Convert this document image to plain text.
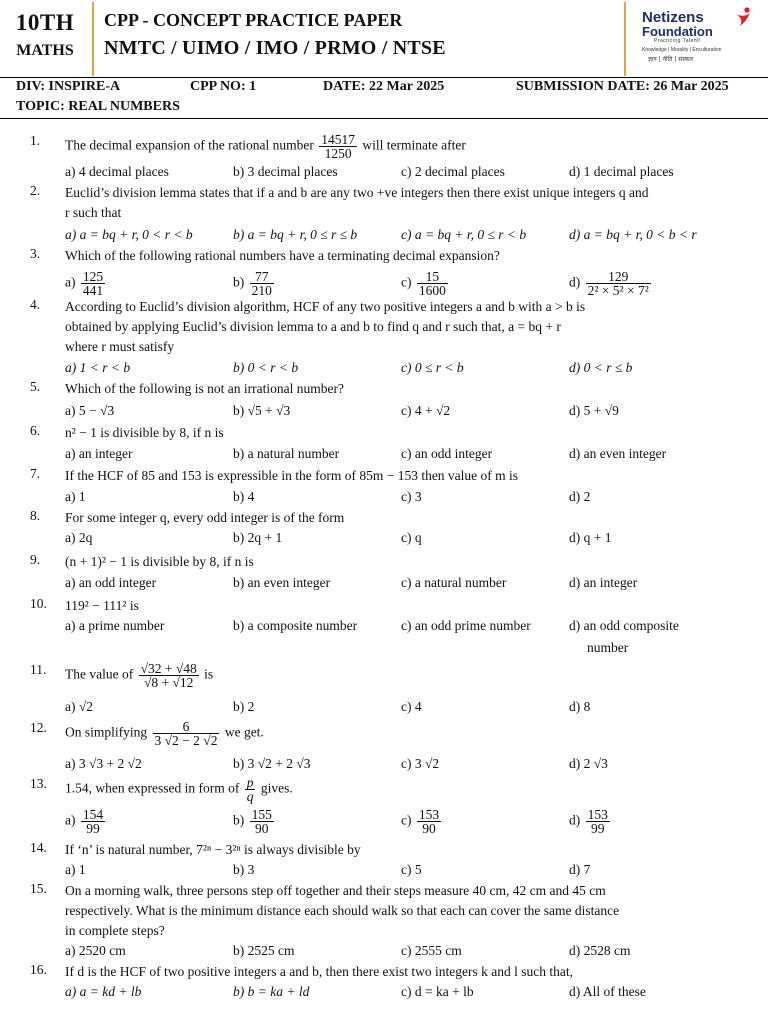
10TH
MATHS
CPP - CONCEPT PRACTICE PAPER
NMTC / UIMO / IMO / PRMO / NTSE
Netizens
Foundation
Practicing Talent!
Knowledge | Morality | Enculturation
ज्ञान | नीति | संस्कार
DIV: INSPIRE-A	CPP NO: 1	DATE: 22 Mar 2025	SUBMISSION DATE: 26 Mar 2025
TOPIC: REAL NUMBERS
1.	The decimal expansion of the rational number $\frac{14517}{1250}$ will terminate after
a) 4 decimal places	b) 3 decimal places	c) 2 decimal places	d) 1 decimal places
2.	Euclid’s division lemma states that if a and b are any two +ve integers then there exist unique integers q and
r such that
a) a = bq + r, 0 < r < b	b) a = bq + r, 0 ≤ r ≤ b	c) a = bq + r, 0 ≤ r < b	d) a = bq + r, 0 < b < r
3.	Which of the following rational numbers have a terminating decimal expansion?
$a) \frac{125}{441}$	$b) \frac{77}{210}$	$c) \frac{15}{1600}$	$d) \frac{129}{\text{2² × 5² × 7²}}$
4.	According to Euclid’s division algorithm, HCF of any two positive integers a and b with a > b is
obtained by applying Euclid’s division lemma to a and b to find q and r such that, a = bq + r
where r must satisfy
a) 1 < r < b	b) 0 < r < b	c) 0 ≤ r < b	d) 0 < r ≤ b
5.	Which of the following is not an irrational number?
a) 5 − √3	b) √5 + √3	c) 4 + √2	d) 5 + √9
6.	n² − 1 is divisible by 8, if n is
a) an integer	b) a natural number	c) an odd integer	d) an even integer
7.	If the HCF of 85 and 153 is expressible in the form of 85m − 153 then value of m is
a) 1	b) 4	c) 3	d) 2
8.	For some integer q, every odd integer is of the form
a) 2q	b) 2q + 1	c) q	d) q + 1
9.	(n + 1)² − 1 is divisible by 8, if n is
a) an odd integer	b) an even integer	c) a natural number	d) an integer
10.	119² − 111² is
a) a prime number	b) a composite number	c) an odd prime number	d) an odd composite
number
11.	The value of $\frac{√32 + √48}{√8 + √12}$ is
a) √2	b) 2	c) 4	d) 8
12.	On simplifying $\frac{6}{3 √2 - 2 √2}$ we get.
a) 3 √3 + 2 √2	b) 3 √2 + 2 √3	c) 3 √2	d) 2 √3
13.	1.54, when expressed in form of $\frac{p}{q}$ gives.
$a) \frac{154}{99}$	$b) \frac{155}{90}$	$c) \frac{153}{90}$	$d) \frac{153}{99}$
14.	If ‘n’ is natural number, 7²ⁿ − 3²ⁿ is always divisible by
a) 1	b) 3	c) 5	d) 7
15.	On a morning walk, three persons step off together and their steps measure 40 cm, 42 cm and 45 cm
respectively. What is the minimum distance each should walk so that each can cover the same distance
in complete steps?
a) 2520 cm	b) 2525 cm	c) 2555 cm	d) 2528 cm
16.	If d is the HCF of two positive integers a and b, then there exist two integers k and l such that,
a) a = kd + lb	b) b = ka + ld	c) d = ka + lb	d) All of these
